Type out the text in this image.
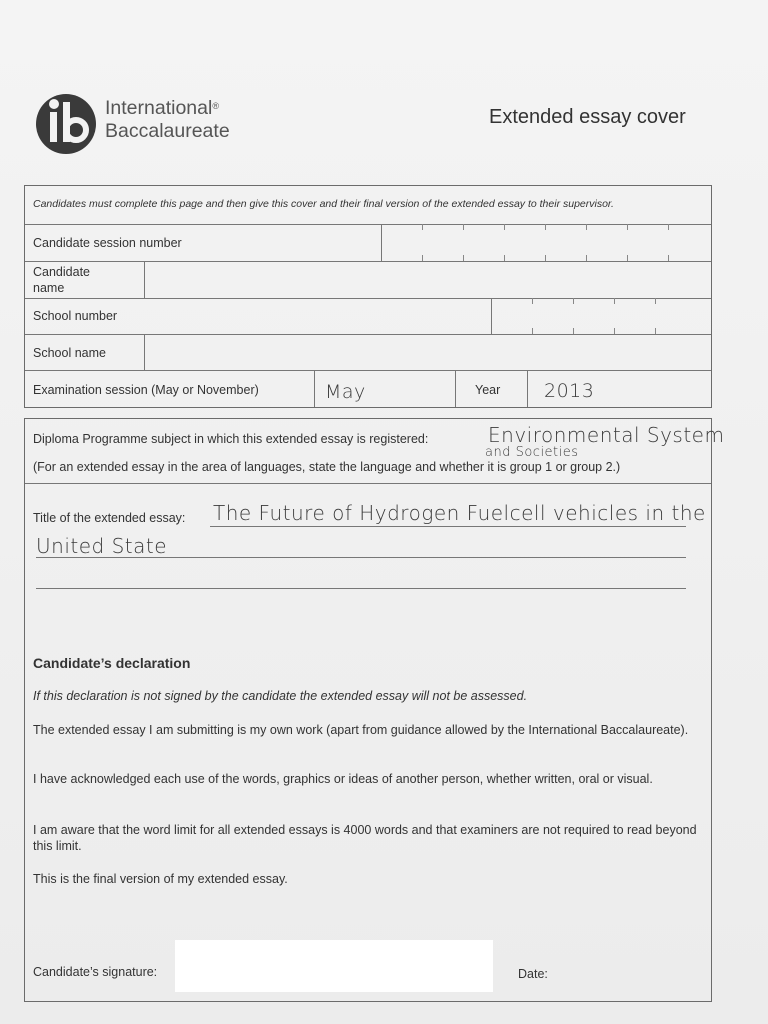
International®
Baccalaureate
Extended essay cover
Candidates must complete this page and then give this cover and their final version of the extended essay to their supervisor.
Candidate session number
Candidate
name
School number
School name
Examination session (May or November)	May	Year 2013
Diploma Programme subject in which this extended essay is registered:	Environmental System
and Societies
(For an extended essay in the area of languages, state the language and whether it is group 1 or group 2.)
Title of the extended essay: The Future of Hydrogen Fuelcell vehicles in the
United State
Candidate’s declaration
If this declaration is not signed by the candidate the extended essay will not be assessed.
The extended essay I am submitting is my own work (apart from guidance allowed by the International Baccalaureate).
I have acknowledged each use of the words, graphics or ideas of another person, whether written, oral or visual.
I am aware that the word limit for all extended essays is 4000 words and that examiners are not required to read beyond this limit.
This is the final version of my extended essay.
Candidate’s signature:	Date:
